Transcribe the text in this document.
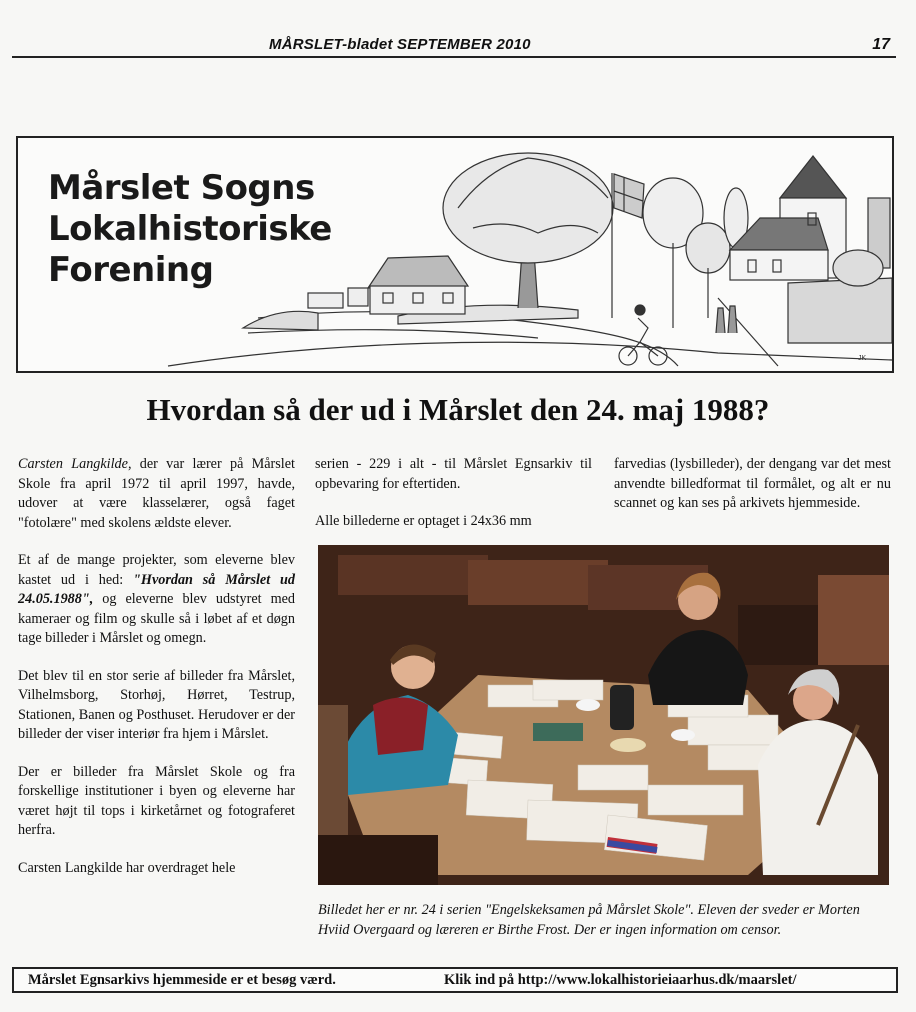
MÅRSLET-bladet SEPTEMBER 2010	17
JK
Mårslet Sogns
Lokalhistoriske
Forening
Hvordan så der ud i Mårslet den 24. maj 1988?

Carsten Langkilde, der var lærer på Mårslet Skole fra april 1972 til april 1997, havde, udover at være klasselærer, også faget "fotolære" med skolens ældste elever.

Et af de mange projekter, som eleverne blev kastet ud i hed: "Hvordan så Mårslet ud 24.05.1988", og eleverne blev udstyret med kameraer og film og skulle så i løbet af et døgn tage billeder i Mårslet og omegn.

Det blev til en stor serie af billeder fra Mårslet, Vilhelmsborg, Storhøj, Hørret, Testrup, Stationen, Banen og Posthuset. Herudover er der billeder der viser interiør fra hjem i Mårslet.

Der er billeder fra Mårslet Skole og fra forskellige institutioner i byen og eleverne har været højt til tops i kirketårnet og fotograferet herfra.

Carsten Langkilde har overdraget hele

serien - 229 i alt - til Mårslet Egnsarkiv til opbevaring for eftertiden.

Alle billederne er optaget i 24x36 mm

farvedias (lysbilleder), der dengang var det mest anvendte billedformat til formålet, og alt er nu scannet og kan ses på arkivets hjemmeside.

Billedet her er nr. 24 i serien "Engelskeksamen på Mårslet Skole". Eleven der sveder er Morten Hviid Overgaard og læreren er Birthe Frost. Der er ingen information om censor.
Mårslet Egnsarkivs hjemmeside er et besøg værd.	Klik ind på http://www.lokalhistorieiaarhus.dk/maarslet/
